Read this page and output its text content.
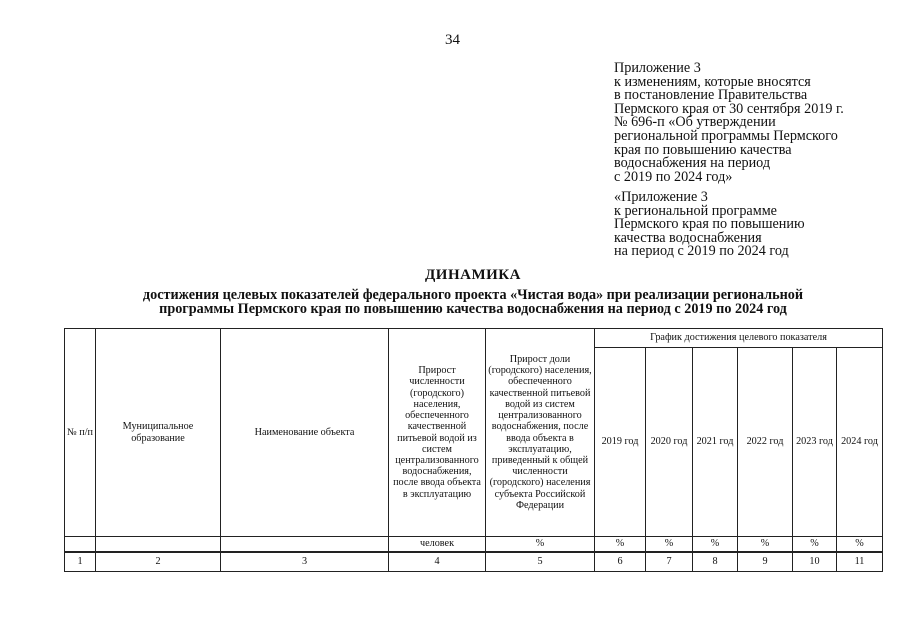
34
Приложение 3
к изменениям, которые вносятся
в постановление Правительства
Пермского края от 30 сентября 2019 г.
№ 696-п «Об утверждении
региональной программы Пермского
края по повышению качества
водоснабжения на период
с 2019 по 2024 год»
«Приложение 3
к региональной программе
Пермского края по повышению
качества водоснабжения
на период с 2019 по 2024 год
ДИНАМИКА
достижения целевых показателей федерального проекта «Чистая вода» при реализации региональной
программы Пермского края по повышению качества водоснабжения на период с 2019 по 2024 год
№ п/п	Муниципальное образование	Наименование объекта	Прирост численности (городского) населения, обеспеченного качественной питьевой водой из систем централизованного водоснабжения, после ввода объекта в эксплуатацию	Прирост доли (городского) населения, обеспеченного качественной питьевой водой из систем централизованного водоснабжения, после ввода объекта в эксплуатацию, приведенный к общей численности (городского) населения субъекта Российской Федерации	График достижения целевого показателя					
					2019 год	2020 год	2021 год	2022 год	2023 год	2024 год
			человек	%	%	%	%	%	%	%
1	2	3	4	5	6	7	8	9	10	11
